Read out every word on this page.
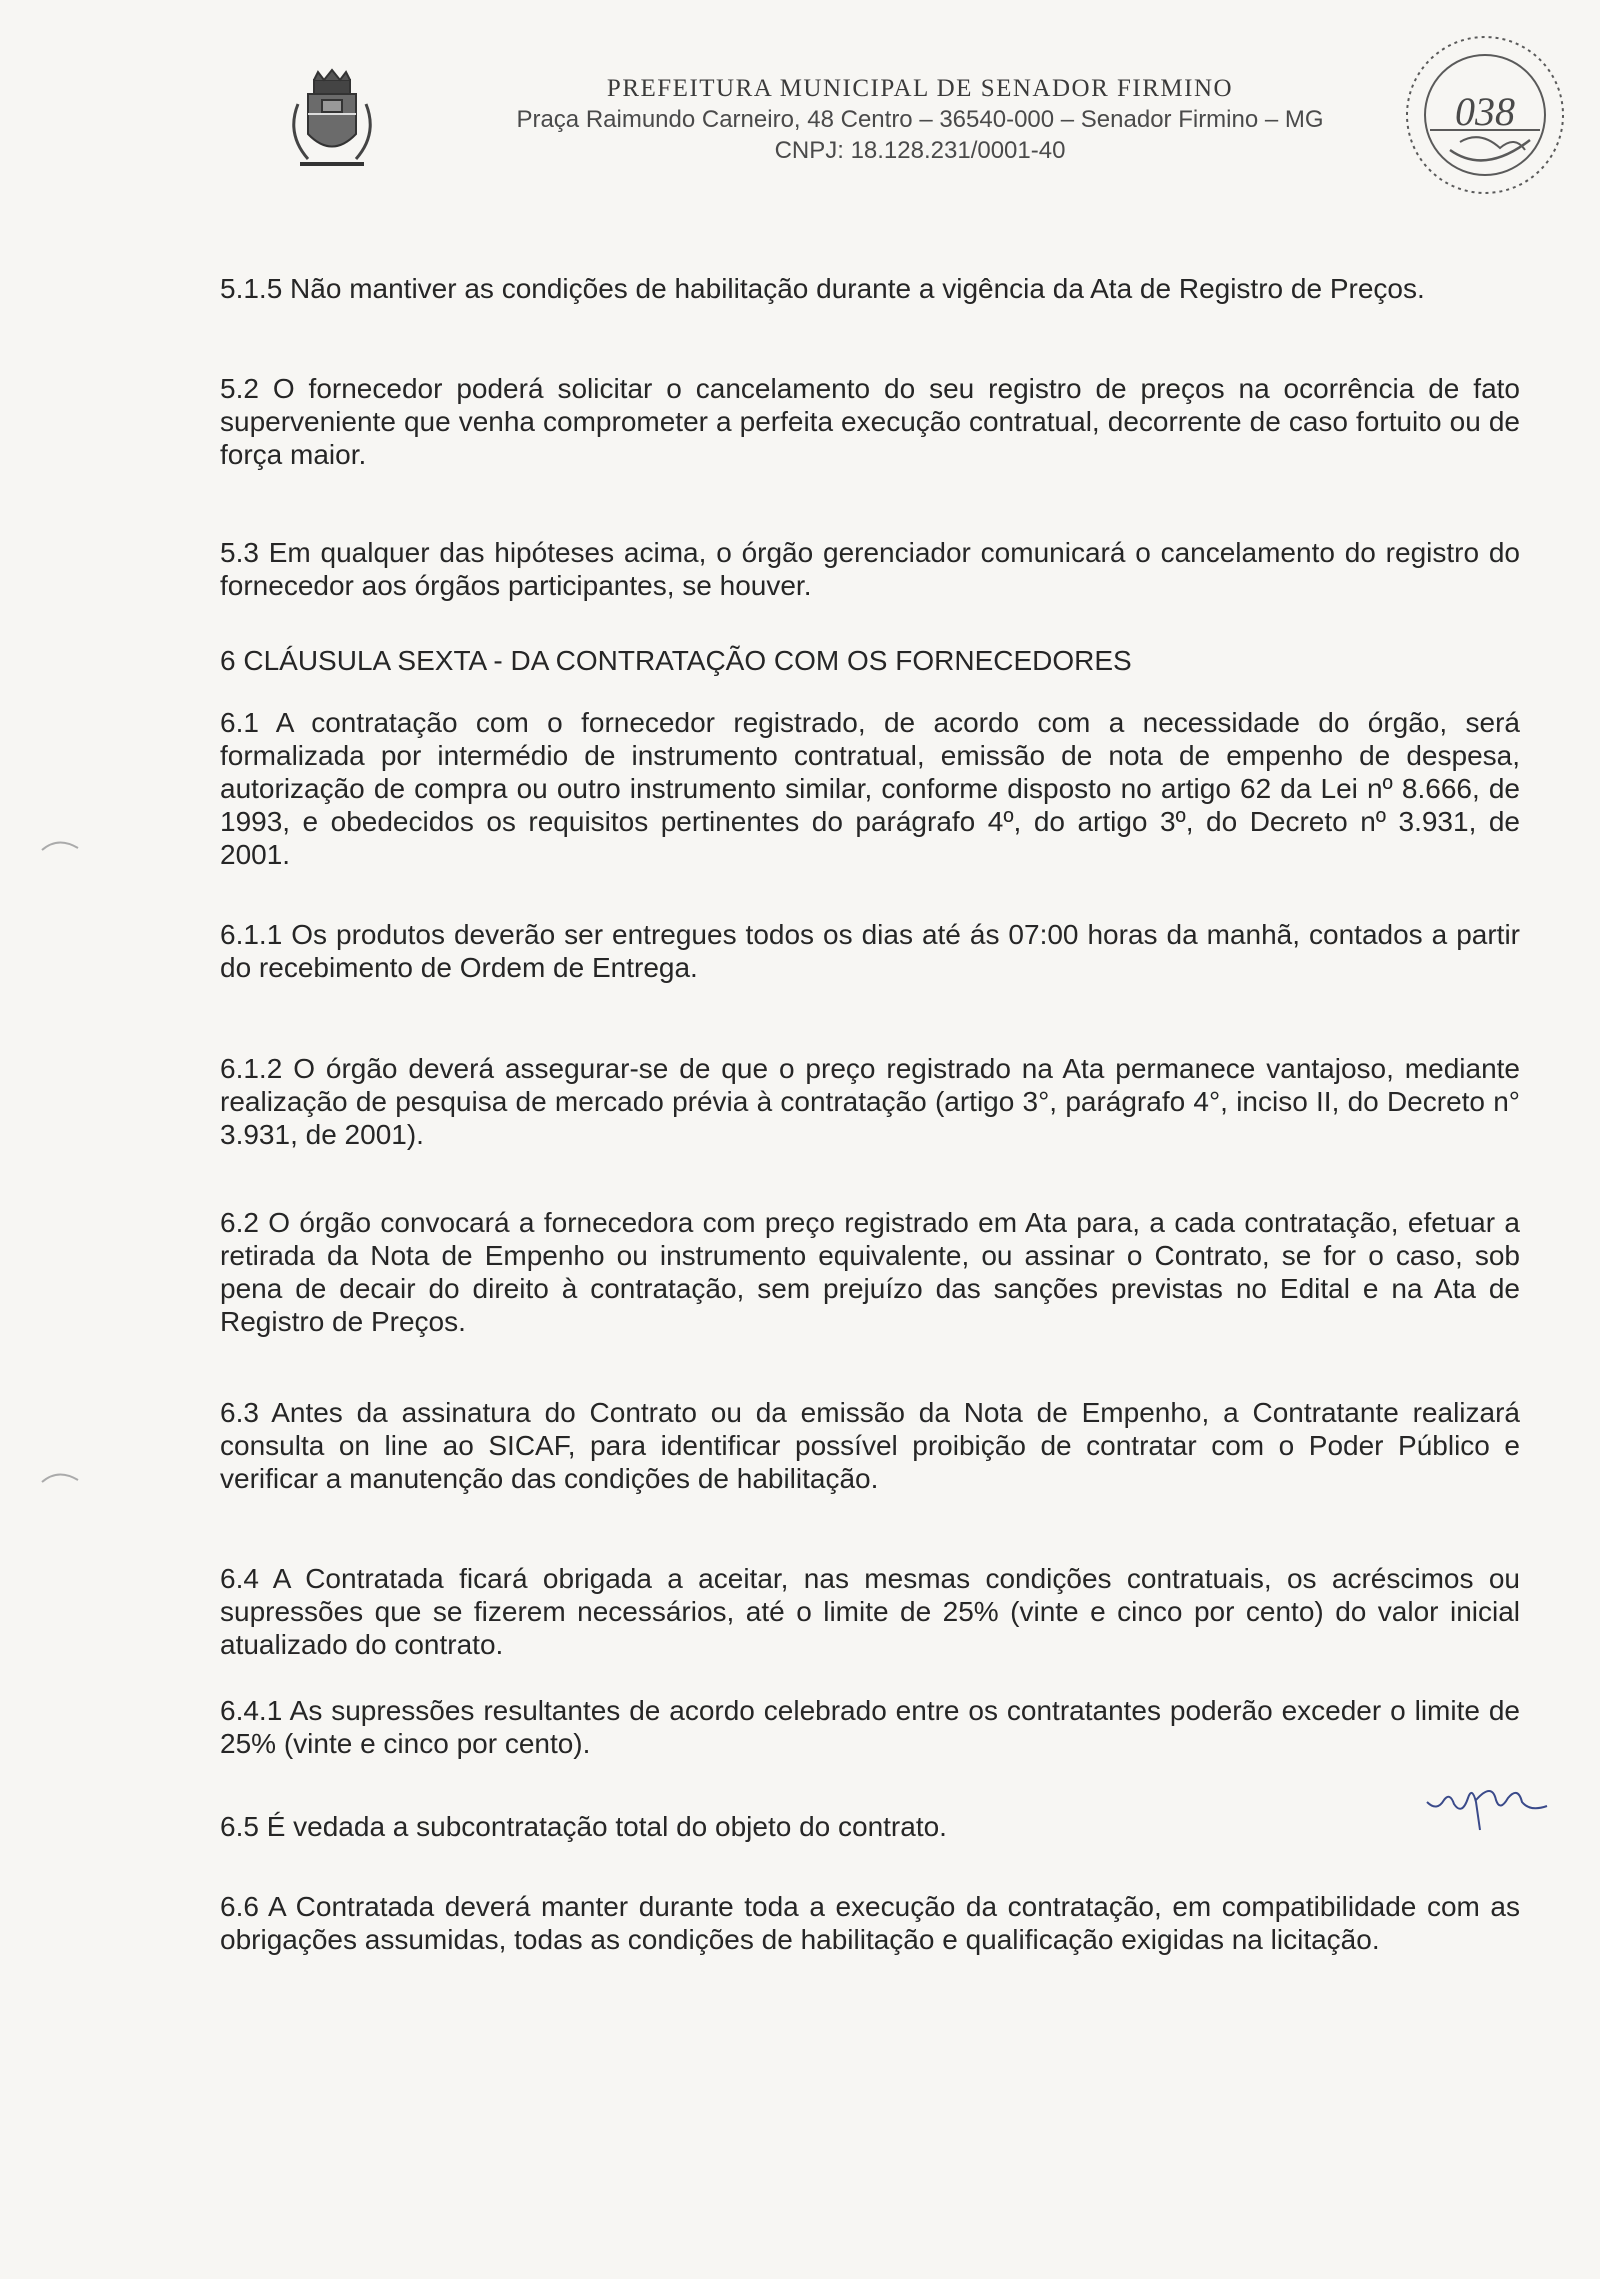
PREFEITURA MUNICIPAL DE SENADOR FIRMINO
Praça Raimundo Carneiro, 48 Centro – 36540-000 – Senador Firmino – MG
CNPJ: 18.128.231/0001-40
038
5.1.5 Não mantiver as condições de habilitação durante a vigência da Ata de Registro de Preços.
5.2 O fornecedor poderá solicitar o cancelamento do seu registro de preços na ocorrência de fato superveniente que venha comprometer a perfeita execução contratual, decorrente de caso fortuito ou de força maior.
5.3 Em qualquer das hipóteses acima, o órgão gerenciador comunicará o cancelamento do registro do fornecedor aos órgãos participantes, se houver.
6 CLÁUSULA SEXTA - DA CONTRATAÇÃO COM OS FORNECEDORES
6.1 A contratação com o fornecedor registrado, de acordo com a necessidade do órgão, será formalizada por intermédio de instrumento contratual, emissão de nota de empenho de despesa, autorização de compra ou outro instrumento similar, conforme disposto no artigo 62 da Lei nº 8.666, de 1993, e obedecidos os requisitos pertinentes do parágrafo 4º, do artigo 3º, do Decreto nº 3.931, de 2001.
6.1.1 Os produtos deverão ser entregues todos os dias até ás 07:00 horas da manhã, contados a partir do recebimento de Ordem de Entrega.
6.1.2 O órgão deverá assegurar-se de que o preço registrado na Ata permanece vantajoso, mediante realização de pesquisa de mercado prévia à contratação (artigo 3°, parágrafo 4°, inciso II, do Decreto n° 3.931, de 2001).
6.2 O órgão convocará a fornecedora com preço registrado em Ata para, a cada contratação, efetuar a retirada da Nota de Empenho ou instrumento equivalente, ou assinar o Contrato, se for o caso, sob pena de decair do direito à contratação, sem prejuízo das sanções previstas no Edital e na Ata de Registro de Preços.
6.3 Antes da assinatura do Contrato ou da emissão da Nota de Empenho, a Contratante realizará consulta on line ao SICAF, para identificar possível proibição de contratar com o Poder Público e verificar a manutenção das condições de habilitação.
6.4 A Contratada ficará obrigada a aceitar, nas mesmas condições contratuais, os acréscimos ou supressões que se fizerem necessários, até o limite de 25% (vinte e cinco por cento) do valor inicial atualizado do contrato.
6.4.1 As supressões resultantes de acordo celebrado entre os contratantes poderão exceder o limite de 25% (vinte e cinco por cento).
6.5 É vedada a subcontratação total do objeto do contrato.
6.6 A Contratada deverá manter durante toda a execução da contratação, em compatibilidade com as obrigações assumidas, todas as condições de habilitação e qualificação exigidas na licitação.
